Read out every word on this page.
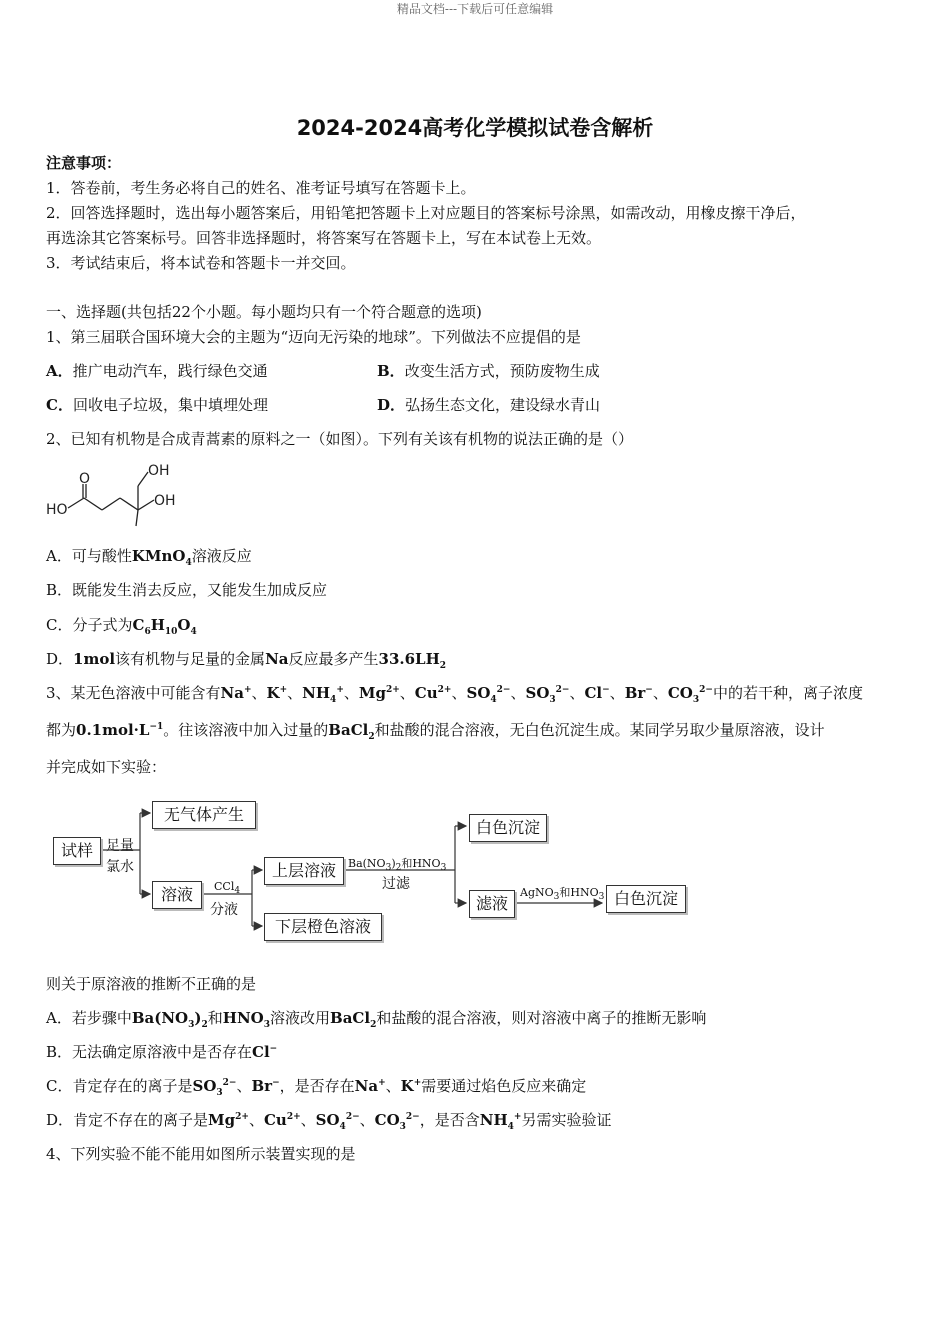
精品文档---下载后可任意编辑
2024-2024高考化学模拟试卷含解析
注意事项：
1．答卷前，考生务必将自己的姓名、准考证号填写在答题卡上。
2．回答选择题时，选出每小题答案后，用铅笔把答题卡上对应题目的答案标号涂黑，如需改动，用橡皮擦干净后，
再选涂其它答案标号。回答非选择题时，将答案写在答题卡上，写在本试卷上无效。
3．考试结束后，将本试卷和答题卡一并交回。
一、选择题(共包括22个小题。每小题均只有一个符合题意的选项)
1、第三届联合国环境大会的主题为“迈向无污染的地球”。下列做法不应提倡的是
A．推广电动汽车，践行绿色交通	B．改变生活方式，预防废物生成
C．回收电子垃圾，集中填埋处理	D．弘扬生态文化，建设绿水青山
2、已知有机物是合成青蒿素的原料之一（如图）。下列有关该有机物的说法正确的是（）
O	OH
OH
HO
A．可与酸性KMnO$_4$溶液反应
B．既能发生消去反应，又能发生加成反应
C．分子式为$C_6H_{10}O_4$
D．1mol该有机物与足量的金属Na反应最多产生$33.6LH_2$
3、某无色溶液中可能含有Na+、K+、$NH_4^+$、$Mg^{2+}$、$Cu^{2+}$、$SO_4^{2-}$、$SO_3^{2-}$、Cl−、Br−、$CO_3^{2-}$中的若干种，离子浓度
都为$0.1mol\cdot L^{-1}$。往该溶液中加入过量的BaCl$_2$和盐酸的混合溶液，无白色沉淀生成。某同学另取少量原溶液，设计
并完成如下实验：
试样 足量
氯水
无气体产生
溶液	CCl$_4$
分液
上层溶液
下层橙色溶液
$Ba(NO_3)_2$和$HNO_3$
过滤
白色沉淀
滤液
AgNO$_3$和$HNO_3$ 白色沉淀
则关于原溶液的推断不正确的是
A．若步骤中$Ba(NO_3)_2$和$HNO_3$溶液改用BaCl$_2$和盐酸的混合溶液，则对溶液中离子的推断无影响
B．无法确定原溶液中是否存在Cl−
C．肯定存在的离子是$SO_3^{2-}$、Br−，是否存在Na+、K+需要通过焰色反应来确定
D．肯定不存在的离子是$Mg^{2+}$、$Cu^{2+}$、$SO_4^{2-}$、$CO_3^{2-}$，是否含$NH_4^+$另需实验验证
4、下列实验不能不能用如图所示装置实现的是
